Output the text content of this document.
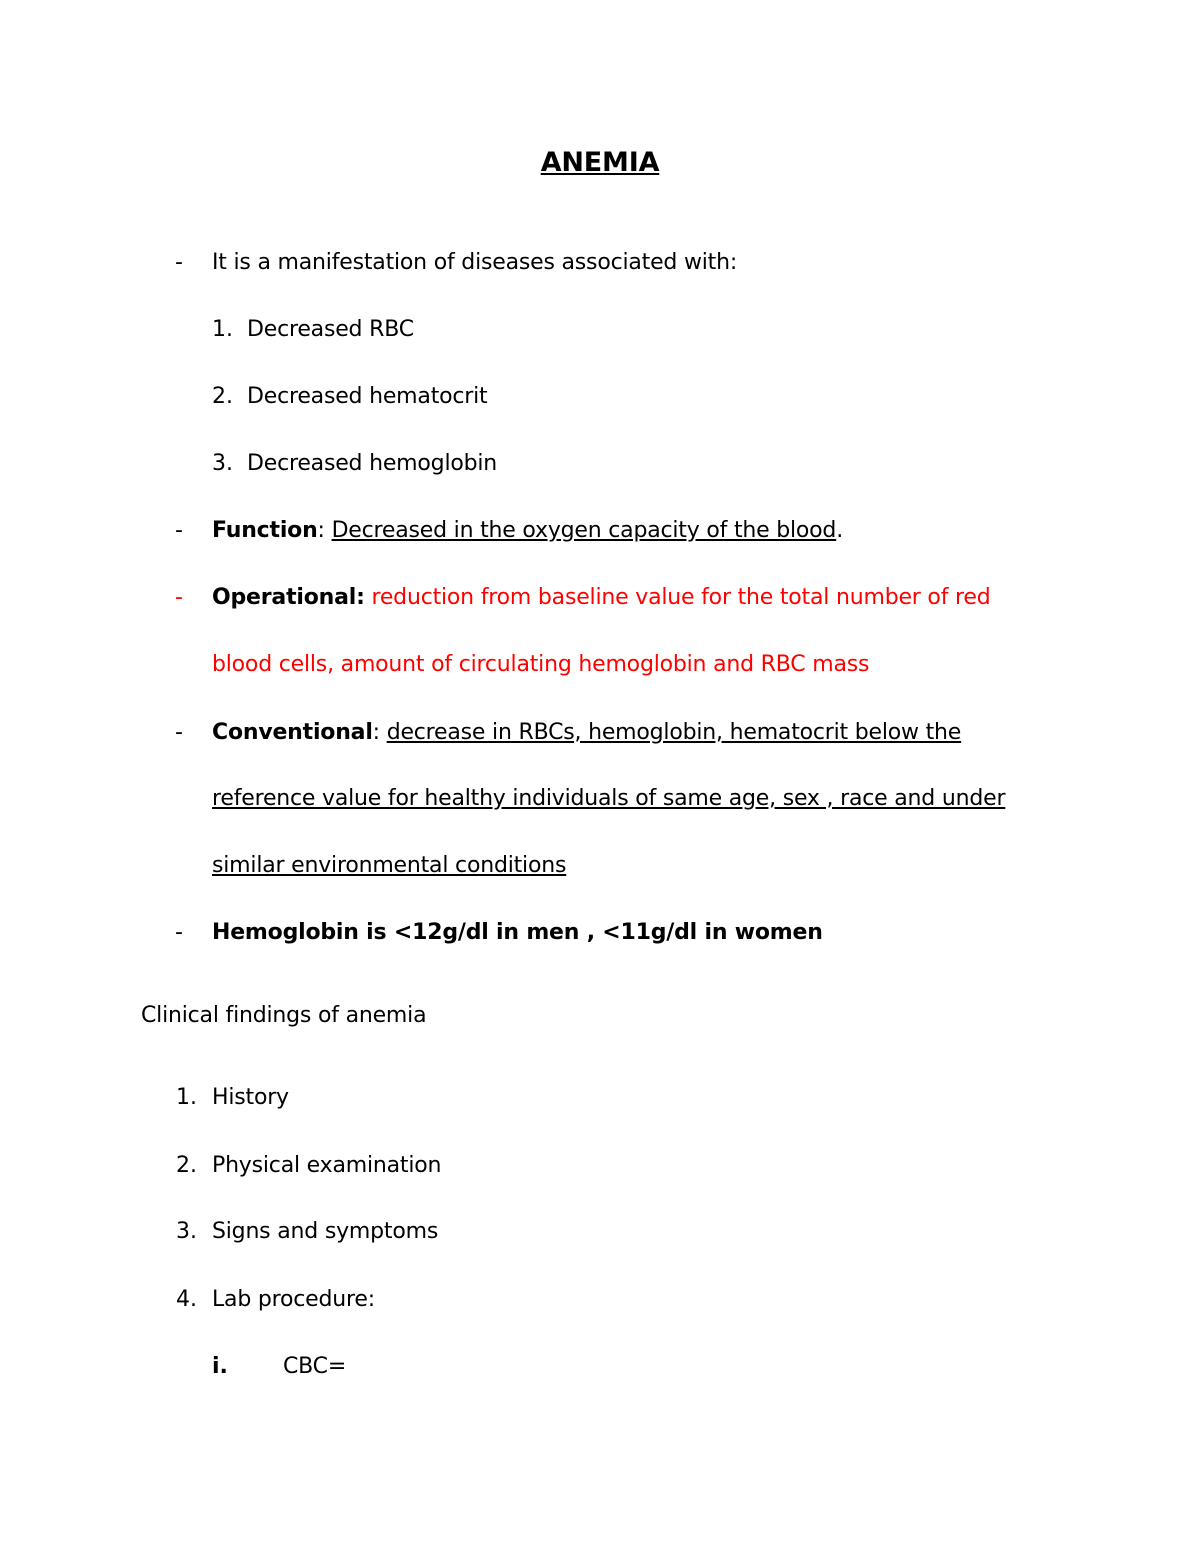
ANEMIA
- It is a manifestation of diseases associated with:
1. Decreased RBC
2. Decreased hematocrit
3. Decreased hemoglobin
- Function: Decreased in the oxygen capacity of the blood.
- Operational: reduction from baseline value for the total number of red
blood cells, amount of circulating hemoglobin and RBC mass
- Conventional: decrease in RBCs, hemoglobin, hematocrit below the
reference value for healthy individuals of same age, sex , race and under
similar environmental conditions
- Hemoglobin is <12g/dl in men , <11g/dl in women
Clinical findings of anemia
1. History
2. Physical examination
3. Signs and symptoms
4. Lab procedure:
i.	CBC=
